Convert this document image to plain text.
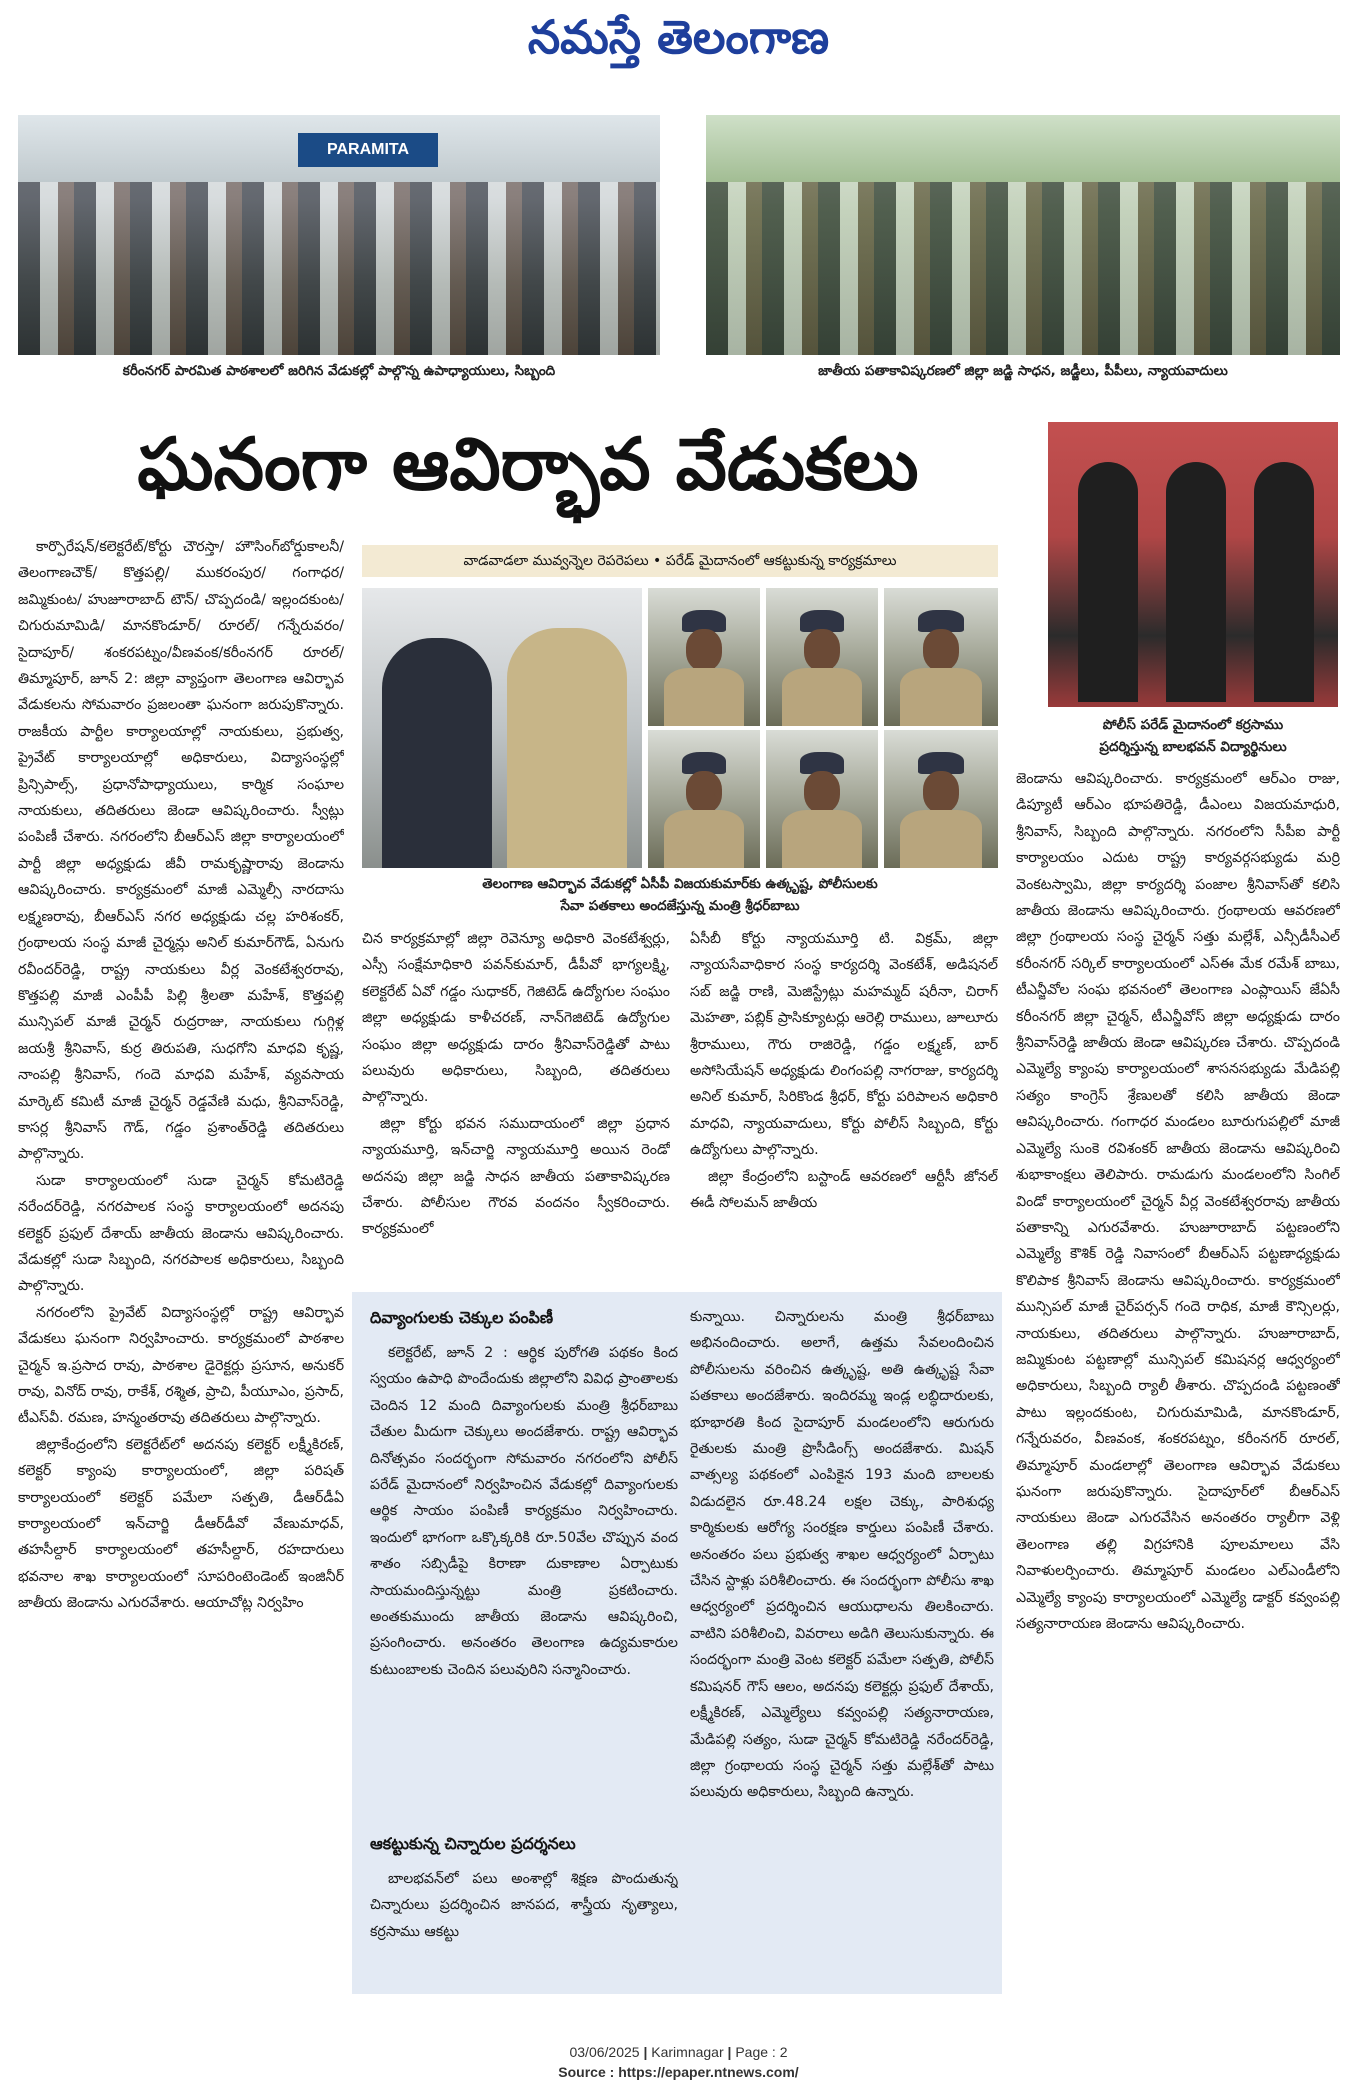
నమస్తే తెలంగాణ
PARAMITA
కరీంనగర్ పారమిత పాఠశాలలో జరిగిన వేడుకల్లో పాల్గొన్న ఉపాధ్యాయులు, సిబ్బంది	జాతీయ పతాకావిష్కరణలో జిల్లా జడ్జి సాధన, జడ్జీలు, పీపీలు, న్యాయవాదులు
ఘనంగా ఆవిర్భావ వేడుకలు
పోలీస్ పరేడ్ మైదానంలో కర్రసాము
ప్రదర్శిస్తున్న బాలభవన్ విద్యార్థినులు
వాడవాడలా మువ్వన్నెల రెపరెపలు • పరేడ్ మైదానంలో ఆకట్టుకున్న కార్యక్రమాలు
తెలంగాణ ఆవిర్భావ వేడుకల్లో ఏసీపీ విజయకుమార్‌కు ఉత్కృష్ట, పోలీసులకు
సేవా పతకాలు అందజేస్తున్న మంత్రి శ్రీధర్‌బాబు

కార్పొరేషన్/కలెక్టరేట్/కోర్టు చౌరస్తా/ హౌసింగ్‌బోర్డుకాలనీ/ తెలంగాణచౌక్/ కొత్తపల్లి/ ముకరంపుర/ గంగాధర/ జమ్మికుంట/ హుజూరాబాద్ టౌన్/ చొప్పదండి/ ఇల్లందకుంట/ చిగురుమామిడి/ మానకొండూర్/ రూరల్/ గన్నేరువరం/ సైదాపూర్/ శంకరపట్నం/వీణవంక/కరీంనగర్ రూరల్/ తిమ్మాపూర్, జూన్ 2: జిల్లా వ్యాప్తంగా తెలంగాణ ఆవిర్భావ వేడుకలను సోమవారం ప్రజలంతా ఘనంగా జరుపుకొన్నారు. రాజకీయ పార్టీల కార్యాలయాల్లో నాయకులు, ప్రభుత్వ, ప్రైవేట్ కార్యాలయాల్లో అధికారులు, విద్యాసంస్థల్లో ప్రిన్సిపాల్స్, ప్రధానోపాధ్యాయులు, కార్మిక సంఘాల నాయకులు, తదితరులు జెండా ఆవిష్కరించారు. స్వీట్లు పంపిణీ చేశారు. నగరంలోని బీఆర్‌ఎస్ జిల్లా కార్యాలయంలో పార్టీ జిల్లా అధ్యక్షుడు జీవీ రామకృష్ణారావు జెండాను ఆవిష్కరించారు. కార్యక్రమంలో మాజీ ఎమ్మెల్సీ నారదాసు లక్ష్మణరావు, బీఆర్‌ఎస్ నగర అధ్యక్షుడు చల్ల హరిశంకర్, గ్రంథాలయ సంస్థ మాజీ చైర్మన్లు అనిల్ కుమార్‌గౌడ్, ఏనుగు రవీందర్‌రెడ్డి, రాష్ట్ర నాయకులు వీర్ల వెంకటేశ్వరరావు, కొత్తపల్లి మాజీ ఎంపీపీ పిల్లి శ్రీలతా మహేశ్, కొత్తపల్లి మున్సిపల్ మాజీ చైర్మన్ రుద్రరాజు, నాయకులు గుగ్గిళ్ల జయశ్రీ శ్రీనివాస్, కుర్ర తిరుపతి, సుధగోని మాధవి కృష్ణ, నాంపల్లి శ్రీనివాస్, గందె మాధవి మహేశ్, వ్యవసాయ మార్కెట్ కమిటీ మాజీ చైర్మన్ రెడ్డవేణి మధు, శ్రీనివాస్‌రెడ్డి, కాసర్ల శ్రీనివాస్ గౌడ్, గడ్డం ప్రశాంత్‌రెడ్డి తదితరులు పాల్గొన్నారు.

సుడా కార్యాలయంలో సుడా చైర్మన్ కోమటిరెడ్డి నరేందర్‌రెడ్డి, నగరపాలక సంస్థ కార్యాలయంలో అదనపు కలెక్టర్ ప్రఫుల్ దేశాయ్ జాతీయ జెండాను ఆవిష్కరించారు. వేడుకల్లో సుడా సిబ్బంది, నగరపాలక అధికారులు, సిబ్బంది పాల్గొన్నారు.

నగరంలోని ప్రైవేట్ విద్యాసంస్థల్లో రాష్ట్ర ఆవిర్భావ వేడుకలు ఘనంగా నిర్వహించారు. కార్యక్రమంలో పాఠశాల చైర్మన్ ఇ.ప్రసాద రావు, పాఠశాల డైరెక్టర్లు ప్రసూన, అనుకర్ రావు, వినోద్ రావు, రాకేశ్, రశ్మిత, ప్రాచి, పీయూఎం, ప్రసాద్, టీఎస్‌వీ. రమణ, హన్మంతరావు తదితరులు పాల్గొన్నారు.

జిల్లాకేంద్రంలోని కలెక్టరేట్‌లో అదనపు కలెక్టర్ లక్ష్మీకిరణ్, కలెక్టర్ క్యాంపు కార్యాలయంలో, జిల్లా పరిషత్ కార్యాలయంలో కలెక్టర్ పమేలా సత్పతి, డీఆర్‌డీఏ కార్యాలయంలో ఇన్‌చార్జి డీఆర్‌డీవో వేణుమాధవ్, తహసీల్దార్ కార్యాలయంలో తహసీల్దార్, రహదారులు భవనాల శాఖ కార్యాలయంలో సూపరింటెండెంట్ ఇంజినీర్ జాతీయ జెండాను ఎగురవేశారు. ఆయాచోట్ల నిర్వహిం

చిన కార్యక్రమాల్లో జిల్లా రెవెన్యూ అధికారి వెంకటేశ్వర్లు, ఎస్సీ సంక్షేమాధికారి పవన్‌కుమార్, డీపీవో భాగ్యలక్ష్మి, కలెక్టరేట్ ఏవో గడ్డం సుధాకర్, గెజిటెడ్ ఉద్యోగుల సంఘం జిల్లా అధ్యక్షుడు కాళీచరణ్, నాన్‌గెజిటెడ్ ఉద్యోగుల సంఘం జిల్లా అధ్యక్షుడు దారం శ్రీనివాస్‌రెడ్డితో పాటు పలువురు అధికారులు, సిబ్బంది, తదితరులు పాల్గొన్నారు.

జిల్లా కోర్టు భవన సముదాయంలో జిల్లా ప్రధాన న్యాయమూర్తి, ఇన్‌చార్జి న్యాయమూర్తి అయిన రెండో అదనపు జిల్లా జడ్జి సాధన జాతీయ పతాకావిష్కరణ చేశారు. పోలీసుల గౌరవ వందనం స్వీకరించారు. కార్యక్రమంలో

ఏసీబీ కోర్టు న్యాయమూర్తి టి. విక్రమ్, జిల్లా న్యాయసేవాధికార సంస్థ కార్యదర్శి వెంకటేశ్, అడిషనల్ సబ్ జడ్జి రాణి, మెజిస్ట్రేట్లు మహమ్మద్ షరీనా, చిరాగ్ మెహతా, పబ్లిక్ ప్రాసిక్యూటర్లు ఆరెల్లి రాములు, జూలూరు శ్రీరాములు, గౌరు రాజిరెడ్డి, గడ్డం లక్ష్మణ్, బార్ అసోసియేషన్ అధ్యక్షుడు లింగంపల్లి నాగరాజు, కార్యదర్శి అనిల్ కుమార్, సిరికొండ శ్రీధర్, కోర్టు పరిపాలన అధికారి మాధవి, న్యాయవాదులు, కోర్టు పోలీస్ సిబ్బంది, కోర్టు ఉద్యోగులు పాల్గొన్నారు.

జిల్లా కేంద్రంలోని బస్టాండ్ ఆవరణలో ఆర్టీసీ జోనల్ ఈడీ సోలమన్ జాతీయ

జెండాను ఆవిష్కరించారు. కార్యక్రమంలో ఆర్‌ఎం రాజు, డిప్యూటీ ఆర్‌ఎం భూపతిరెడ్డి, డీఎంలు విజయమాధురి, శ్రీనివాస్, సిబ్బంది పాల్గొన్నారు. నగరంలోని సీపీఐ పార్టీ కార్యాలయం ఎదుట రాష్ట్ర కార్యవర్గసభ్యుడు మర్రి వెంకటస్వామి, జిల్లా కార్యదర్శి పంజాల శ్రీనివాస్‌తో కలిసి జాతీయ జెండాను ఆవిష్కరించారు. గ్రంథాలయ ఆవరణలో జిల్లా గ్రంథాలయ సంస్థ చైర్మన్ సత్తు మల్లేశ్, ఎన్సీడీసీఎల్ కరీంనగర్ సర్కిల్ కార్యాలయంలో ఎస్‌ఈ మేక రమేశ్ బాబు, టీఎన్జీవోల సంఘ భవనంలో తెలంగాణ ఎంప్లాయిస్ జేఏసీ కరీంనగర్ జిల్లా చైర్మన్, టీఎన్జీవోస్ జిల్లా అధ్యక్షుడు దారం శ్రీనివాస్‌రెడ్డి జాతీయ జెండా ఆవిష్కరణ చేశారు. చొప్పదండి ఎమ్మెల్యే క్యాంపు కార్యాలయంలో శాసనసభ్యుడు మేడిపల్లి సత్యం కాంగ్రెస్ శ్రేణులతో కలిసి జాతీయ జెండా ఆవిష్కరించారు. గంగాధర మండలం బూరుగుపల్లిలో మాజీ ఎమ్మెల్యే సుంకె రవిశంకర్ జాతీయ జెండాను ఆవిష్కరించి శుభాకాంక్షలు తెలిపారు. రామడుగు మండలంలోని సింగిల్ విండో కార్యాలయంలో చైర్మన్ వీర్ల వెంకటేశ్వరరావు జాతీయ పతాకాన్ని ఎగురవేశారు. హుజూరాబాద్ పట్టణంలోని ఎమ్మెల్యే కౌశిక్ రెడ్డి నివాసంలో బీఆర్‌ఎస్ పట్టణాధ్యక్షుడు కొలిపాక శ్రీనివాస్ జెండాను ఆవిష్కరించారు. కార్యక్రమంలో మున్సిపల్ మాజీ చైర్‌పర్సన్ గందె రాధిక, మాజీ కౌన్సిలర్లు, నాయకులు, తదితరులు పాల్గొన్నారు. హుజూరాబాద్, జమ్మికుంట పట్టణాల్లో మున్సిపల్ కమిషనర్ల ఆధ్వర్యంలో అధికారులు, సిబ్బంది ర్యాలీ తీశారు. చొప్పదండి పట్టణంతో పాటు ఇల్లందకుంట, చిగురుమామిడి, మానకొండూర్, గన్నేరువరం, వీణవంక, శంకరపట్నం, కరీంనగర్ రూరల్, తిమ్మాపూర్ మండలాల్లో తెలంగాణ ఆవిర్భావ వేడుకలు ఘనంగా జరుపుకొన్నారు. సైదాపూర్‌లో బీఆర్‌ఎస్ నాయకులు జెండా ఎగురవేసిన అనంతరం ర్యాలీగా వెళ్లి తెలంగాణ తల్లి విగ్రహానికి పూలమాలలు వేసి నివాళులర్పించారు. తిమ్మాపూర్ మండలం ఎల్ఎండీలోని ఎమ్మెల్యే క్యాంపు కార్యాలయంలో ఎమ్మెల్యే డాక్టర్ కవ్వంపల్లి సత్యనారాయణ జెండాను ఆవిష్కరించారు.

దివ్యాంగులకు చెక్కుల పంపిణీ

కలెక్టరేట్, జూన్ 2 : ఆర్థిక పురోగతి పథకం కింద స్వయం ఉపాధి పొందేందుకు జిల్లాలోని వివిధ ప్రాంతాలకు చెందిన 12 మంది దివ్యాంగులకు మంత్రి శ్రీధర్‌బాబు చేతుల మీదుగా చెక్కులు అందజేశారు. రాష్ట్ర ఆవిర్భావ దినోత్సవం సందర్భంగా సోమవారం నగరంలోని పోలీస్ పరేడ్ మైదానంలో నిర్వహించిన వేడుకల్లో దివ్యాంగులకు ఆర్థిక సాయం పంపిణీ కార్యక్రమం నిర్వహించారు. ఇందులో భాగంగా ఒక్కొక్కరికి రూ.50వేల చొప్పున వంద శాతం సబ్సిడీపై కిరాణా దుకాణాల ఏర్పాటుకు సాయమందిస్తున్నట్టు మంత్రి ప్రకటించారు. అంతకుముందు జాతీయ జెండాను ఆవిష్కరించి, ప్రసంగించారు. అనంతరం తెలంగాణ ఉద్యమకారుల కుటుంబాలకు చెందిన పలువురిని సన్మానించారు.

ఆకట్టుకున్న చిన్నారుల ప్రదర్శనలు

బాలభవన్‌లో పలు అంశాల్లో శిక్షణ పొందుతున్న చిన్నారులు ప్రదర్శించిన జానపద, శాస్త్రీయ నృత్యాలు, కర్రసాము ఆకట్టు

కున్నాయి. చిన్నారులను మంత్రి శ్రీధర్‌బాబు అభినందించారు. అలాగే, ఉత్తమ సేవలందించిన పోలీసులను వరించిన ఉత్కృష్ట, అతి ఉత్కృష్ట సేవా పతకాలు అందజేశారు. ఇందిరమ్మ ఇండ్ల లబ్ధిదారులకు, భూభారతి కింద సైదాపూర్ మండలంలోని ఆరుగురు రైతులకు మంత్రి ప్రొసీడింగ్స్ అందజేశారు. మిషన్ వాత్సల్య పథకంలో ఎంపికైన 193 మంది బాలలకు విడుదలైన రూ.48.24 లక్షల చెక్కు, పారిశుధ్య కార్మికులకు ఆరోగ్య సంరక్షణ కార్డులు పంపిణీ చేశారు. అనంతరం పలు ప్రభుత్వ శాఖల ఆధ్వర్యంలో ఏర్పాటు చేసిన స్టాళ్లు పరిశీలించారు. ఈ సందర్భంగా పోలీసు శాఖ ఆధ్వర్యంలో ప్రదర్శించిన ఆయుధాలను తిలకించారు. వాటిని పరిశీలించి, వివరాలు అడిగి తెలుసుకున్నారు. ఈ సందర్భంగా మంత్రి వెంట కలెక్టర్ పమేలా సత్పతి, పోలీస్ కమిషనర్ గౌస్ ఆలం, అదనపు కలెక్టర్లు ప్రఫుల్ దేశాయ్, లక్ష్మీకిరణ్, ఎమ్మెల్యేలు కవ్వంపల్లి సత్యనారాయణ, మేడిపల్లి సత్యం, సుడా చైర్మన్ కోమటిరెడ్డి నరేందర్‌రెడ్డి, జిల్లా గ్రంథాలయ సంస్థ చైర్మన్ సత్తు మల్లేశ్‌తో పాటు పలువురు అధికారులు, సిబ్బంది ఉన్నారు.

03/06/2025 | Karimnagar | Page : 2
Source : https://epaper.ntnews.com/
